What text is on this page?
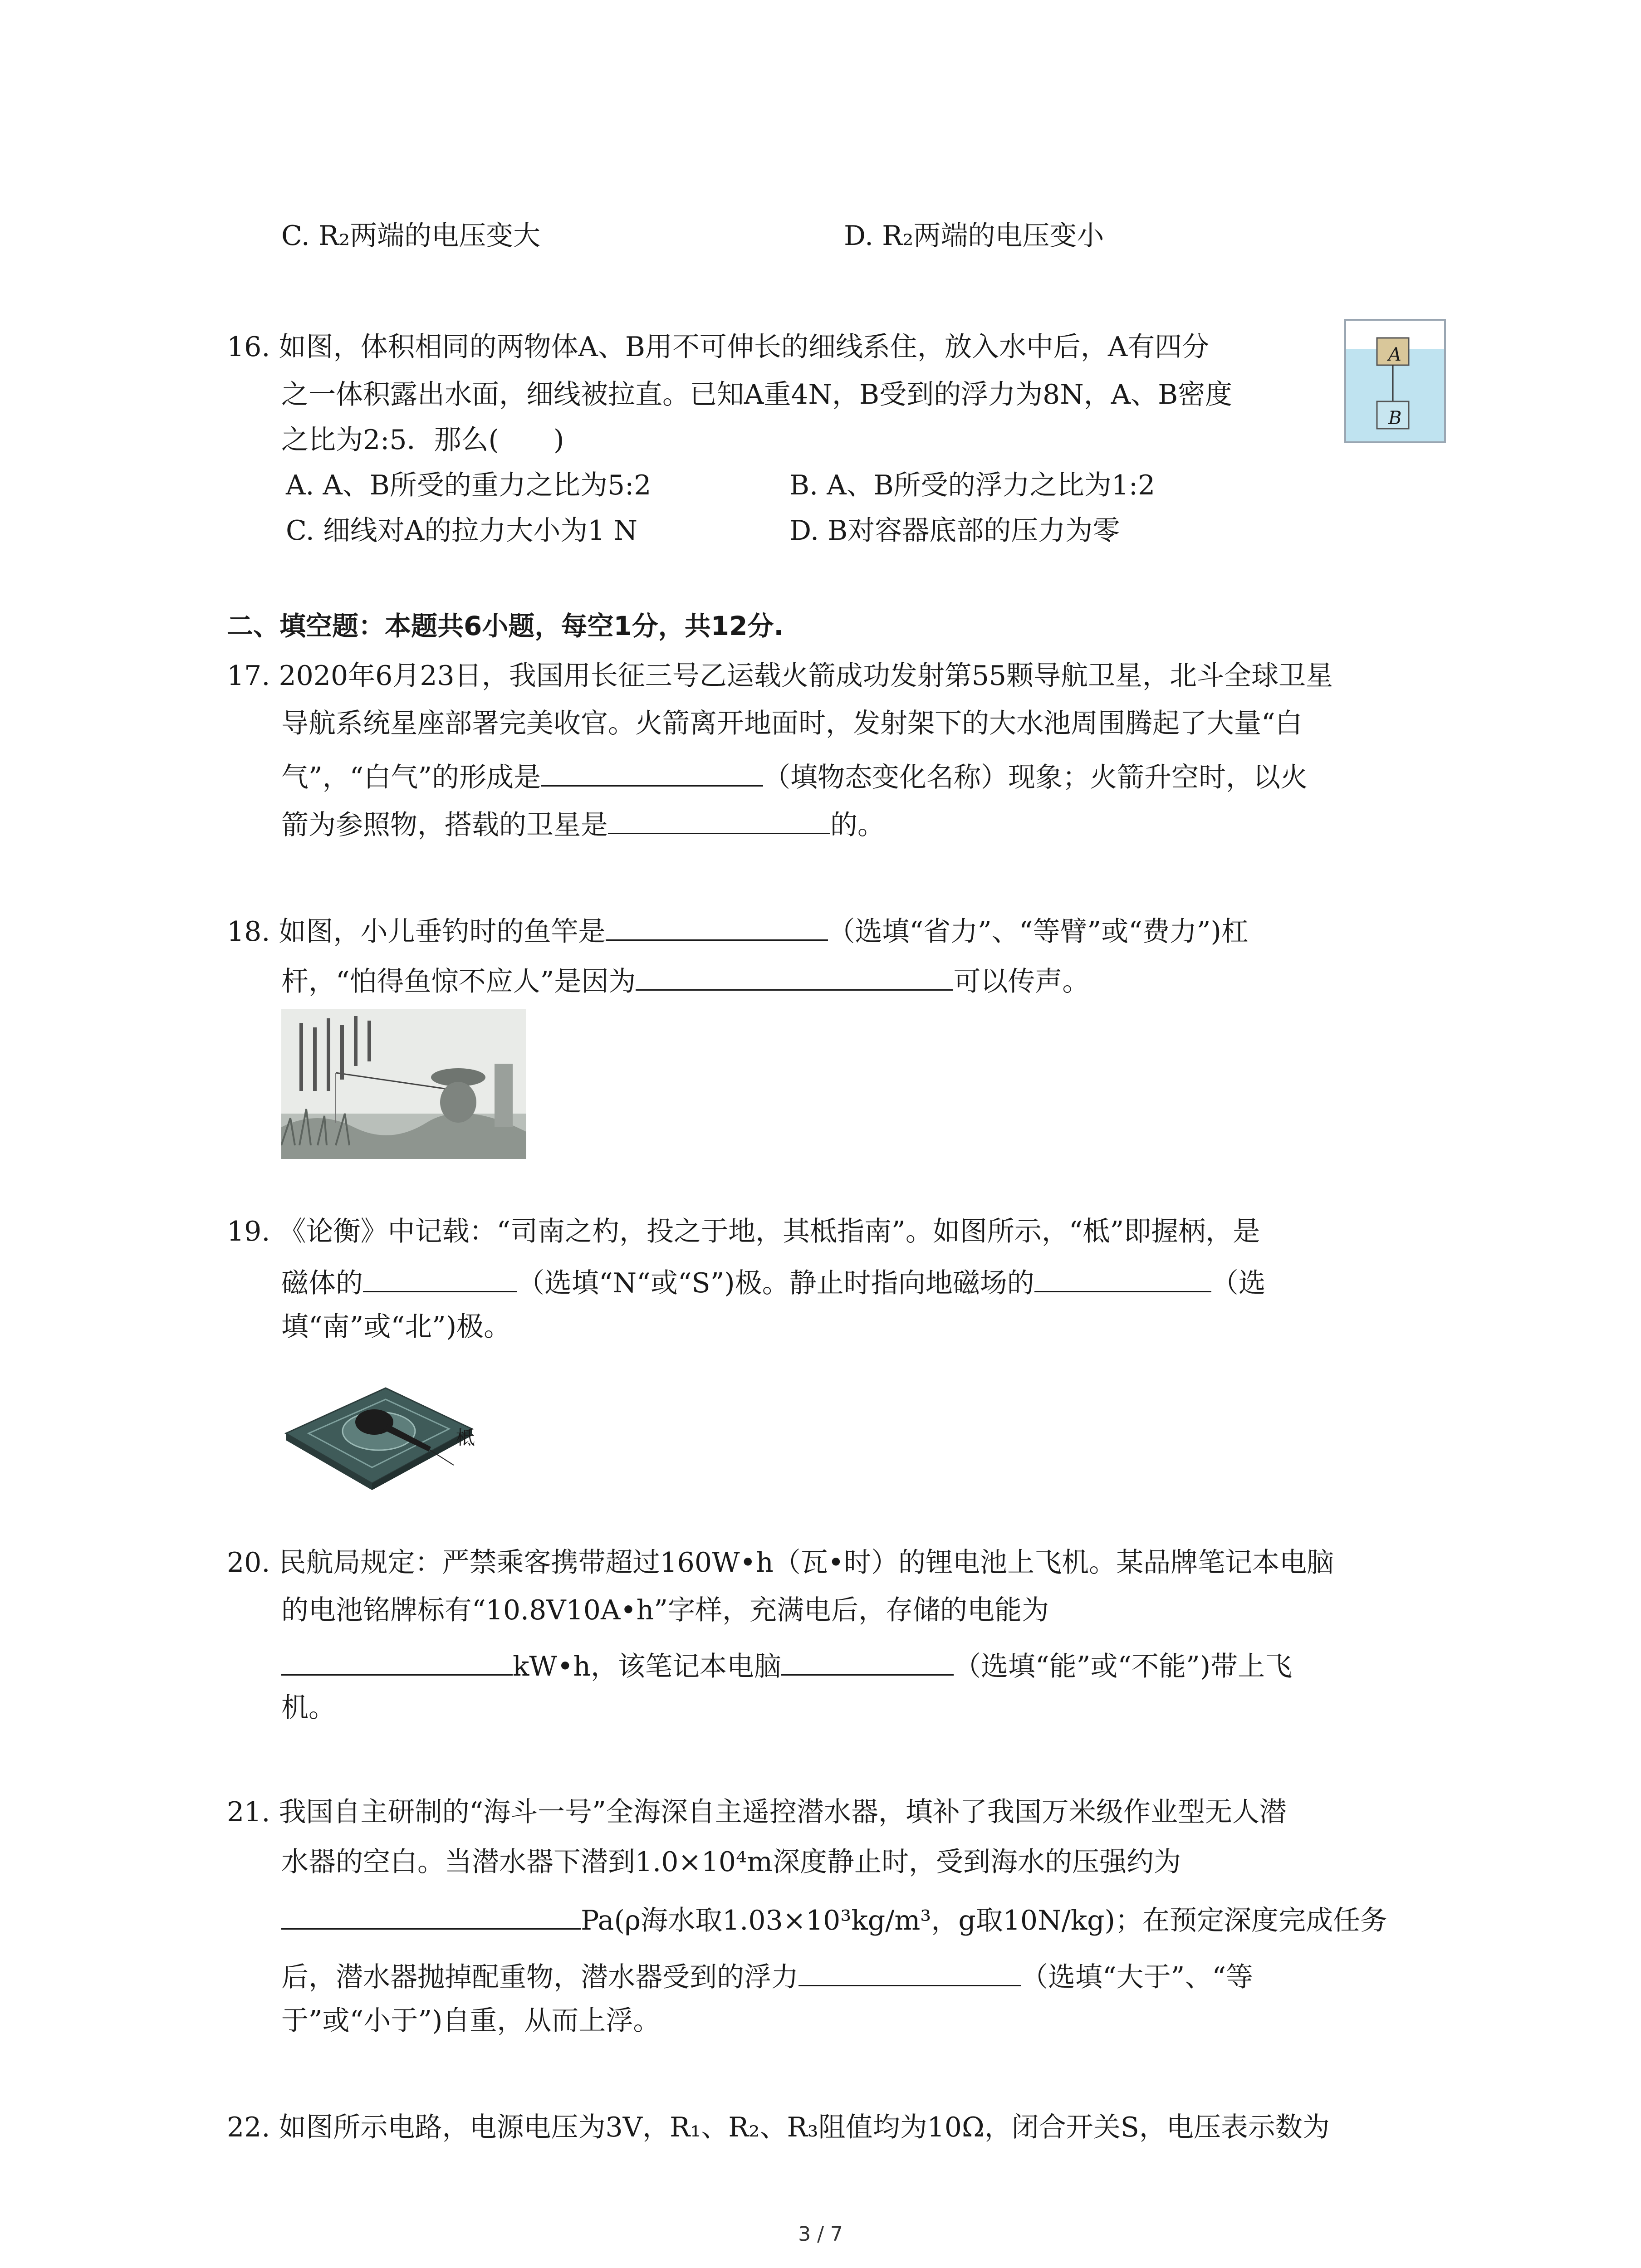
C. R₂两端的电压变大	D. R₂两端的电压变小
16. 如图，体积相同的两物体A、B用不可伸长的细线系住，放入水中后，A有四分
之一体积露出水面，细线被拉直。已知A重4N，B受到的浮力为8N，A、B密度
之比为2:5．那么(　　)
A. A、B所受的重力之比为5:2	B. A、B所受的浮力之比为1:2
C. 细线对A的拉力大小为1 N	D. B对容器底部的压力为零
A
B
二、填空题：本题共6小题，每空1分，共12分.
17. 2020年6月23日，我国用长征三号乙运载火箭成功发射第55颗导航卫星，北斗全球卫星
导航系统星座部署完美收官。火箭离开地面时，发射架下的大水池周围腾起了大量“白
气”，“白气”的形成是	（填物态变化名称）现象；火箭升空时，以火
箭为参照物，搭载的卫星是	的。
18. 如图，小儿垂钓时的鱼竿是	（选填“省力”、“等臂”或“费力”)杠
杆，“怕得鱼惊不应人”是因为	可以传声。
19. 《论衡》中记载：“司南之杓，投之于地，其柢指南”。如图所示，“柢”即握柄，是
磁体的	（选填“N“或“S”)极。静止时指向地磁场的	（选
填“南”或“北”)极。
柢
20. 民航局规定：严禁乘客携带超过160W•h（瓦•时）的锂电池上飞机。某品牌笔记本电脑
的电池铭牌标有“10.8V10A•h”字样，充满电后，存储的电能为
kW•h，该笔记本电脑	（选填“能”或“不能”)带上飞
机。
21. 我国自主研制的“海斗一号”全海深自主遥控潜水器，填补了我国万米级作业型无人潜
水器的空白。当潜水器下潜到1.0×10⁴m深度静止时，受到海水的压强约为
Pa(ρ海水取1.03×10³kg/m³，g取10N/kg)；在预定深度完成任务
后，潜水器抛掉配重物，潜水器受到的浮力	（选填“大于”、“等
于”或“小于”)自重，从而上浮。
22. 如图所示电路，电源电压为3V，R₁、R₂、R₃阻值均为10Ω，闭合开关S，电压表示数为
3 / 7
